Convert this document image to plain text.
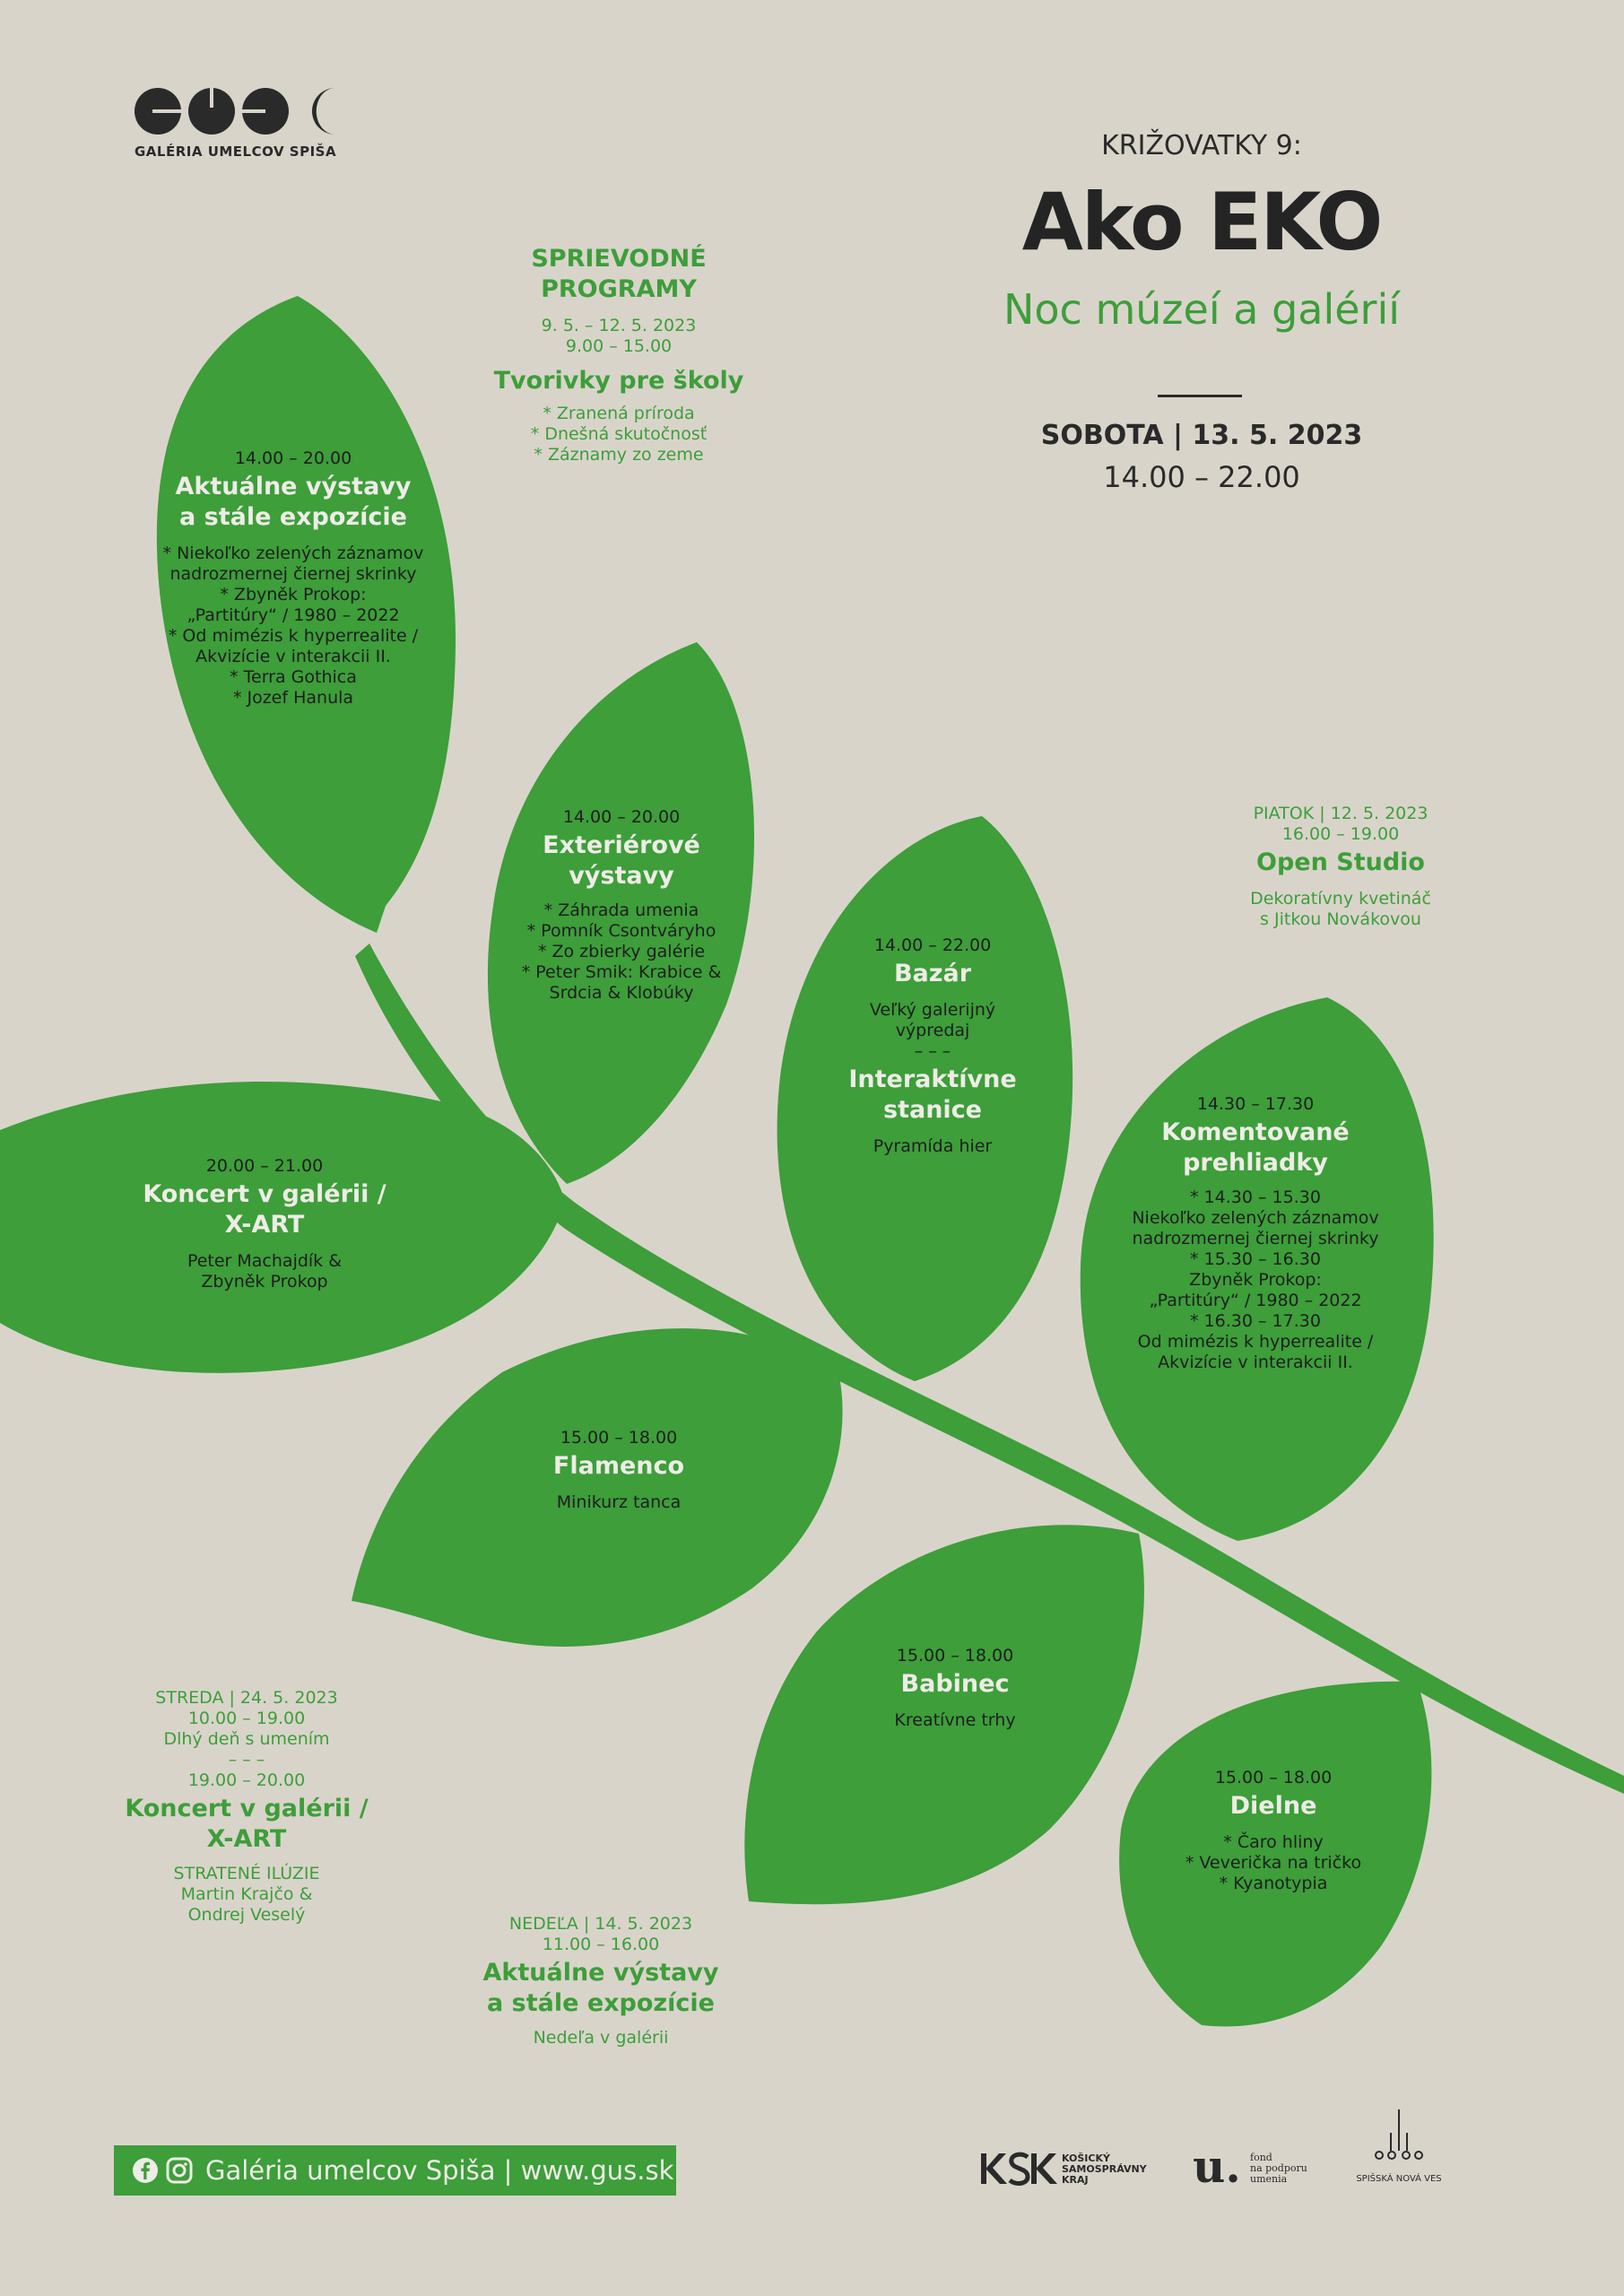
GALÉRIA UMELCOV SPIŠA	KRIŽOVATKY 9:
Ako EKO
Noc múzeí a galérií
SOBOTA | 13. 5. 2023
14.00 – 22.00
SPRIEVODNÉ
PROGRAMY
9. 5. – 12. 5. 2023
9.00 – 15.00
Tvorivky pre školy
* Zranená príroda
* Dnešná skutočnosť
* Záznamy zo zeme
14.00 – 20.00
Aktuálne výstavy
a stále expozície
* Niekoľko zelených záznamov
nadrozmernej čiernej skrinky
* Zbyněk Prokop:
„Partitúry“ / 1980 – 2022
* Od mimézis k hyperrealite /
Akvizície v interakcii II.
* Terra Gothica
* Jozef Hanula
14.00 – 20.00
Exteriérové
výstavy
* Záhrada umenia
* Pomník Csontváryho
* Zo zbierky galérie
* Peter Smik: Krabice &
Srdcia & Klobúky
14.00 – 22.00
Bazár
Veľký galerijný
výpredaj
– – –
Interaktívne
stanice
Pyramída hier
PIATOK | 12. 5. 2023
16.00 – 19.00
Open Studio
Dekoratívny kvetináč
s Jitkou Novákovou
14.30 – 17.30
Komentované
prehliadky
* 14.30 – 15.30
Niekoľko zelených záznamov
nadrozmernej čiernej skrinky
* 15.30 – 16.30
Zbyněk Prokop:
„Partitúry“ / 1980 – 2022
* 16.30 – 17.30
Od mimézis k hyperrealite /
Akvizície v interakcii II.
20.00 – 21.00
Koncert v galérii /
X-ART
Peter Machajdík &
Zbyněk Prokop
15.00 – 18.00
Flamenco
Minikurz tanca
15.00 – 18.00
Babinec
Kreatívne trhy
15.00 – 18.00
Dielne
* Čaro hliny
* Veverička na tričko
* Kyanotypia
STREDA | 24. 5. 2023
10.00 – 19.00
Dlhý deň s umením
– – –
19.00 – 20.00
Koncert v galérii /
X-ART
STRATENÉ ILÚZIE
Martin Krajčo &
Ondrej Veselý	NEDEĽA | 14. 5. 2023
11.00 – 16.00
Aktuálne výstavy
a stále expozície
Nedeľa v galérii
Galéria umelcov Spiša | www.gus.sk	KOŠICKÝ
SAMOSPRÁVNY
KRAJ	u. fond
na podporu
umenia	SPIŠSKÁ NOVÁ VES
